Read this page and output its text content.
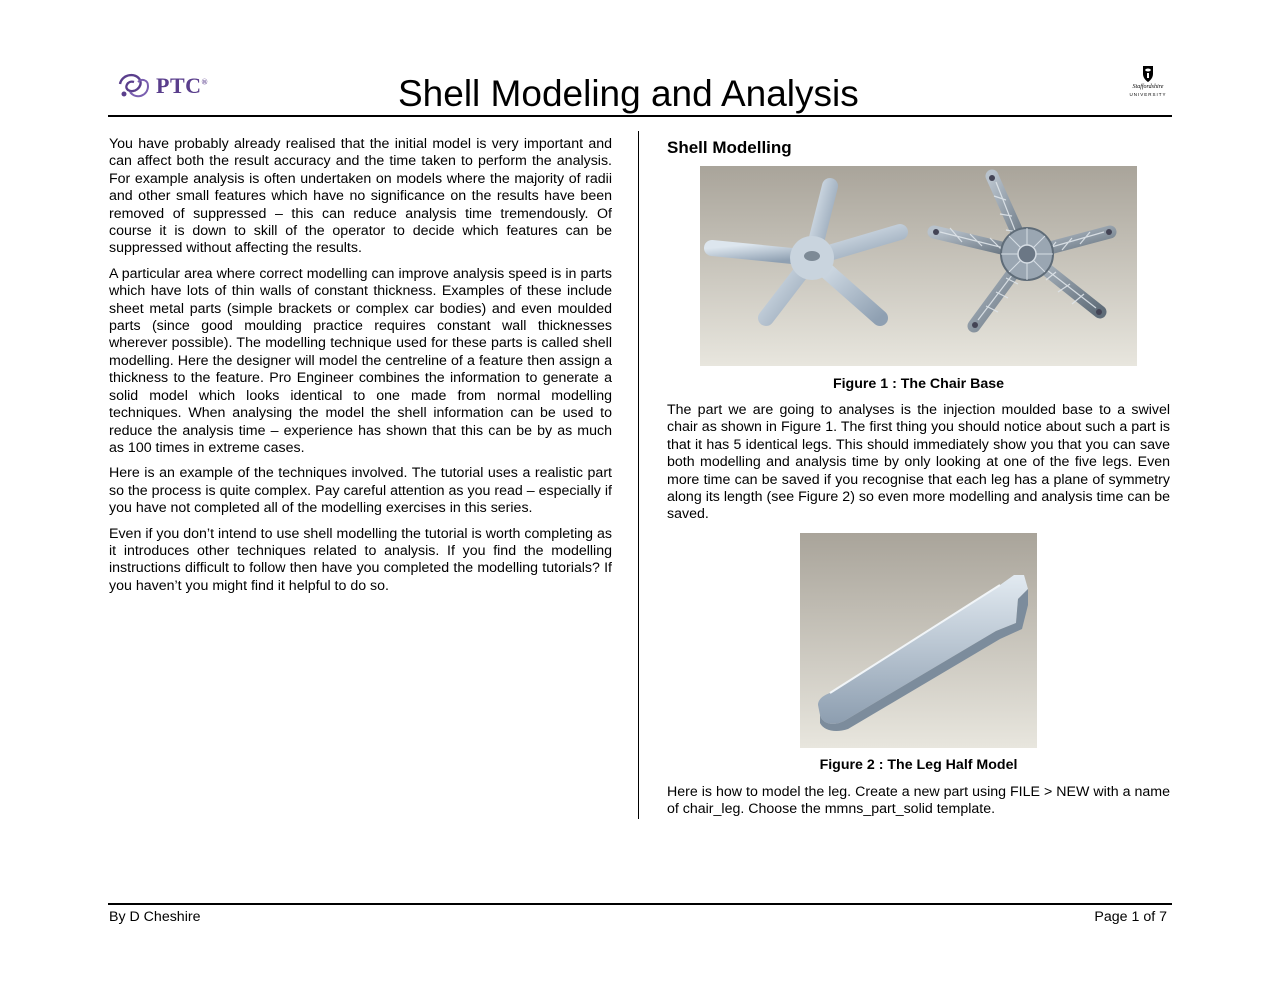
PTC®	Shell Modeling and Analysis	Staffordshire
UNIVERSITY

You have probably already realised that the initial model is very important and can affect both the result accuracy and the time taken to perform the analysis. For example analysis is often undertaken on models where the majority of radii and other small features which have no significance on the results have been removed of suppressed – this can reduce analysis time tremendously. Of course it is down to skill of the operator to decide which features can be suppressed without affecting the results.

A particular area where correct modelling can improve analysis speed is in parts which have lots of thin walls of constant thickness. Examples of these include sheet metal parts (simple brackets or complex car bodies) and even moulded parts (since good moulding practice requires constant wall thicknesses wherever possible). The modelling technique used for these parts is called shell modelling. Here the designer will model the centreline of a feature then assign a thickness to the feature. Pro Engineer combines the information to generate a solid model which looks identical to one made from normal modelling techniques. When analysing the model the shell information can be used to reduce the analysis time – experience has shown that this can be by as much as 100 times in extreme cases.

Here is an example of the techniques involved. The tutorial uses a realistic part so the process is quite complex. Pay careful attention as you read – especially if you have not completed all of the modelling exercises in this series.

Even if you don’t intend to use shell modelling the tutorial is worth completing as it introduces other techniques related to analysis. If you find the modelling instructions difficult to follow then have you completed the modelling tutorials? If you haven’t you might find it helpful to do so.

Shell Modelling
Figure 1 : The Chair Base

The part we are going to analyses is the injection moulded base to a swivel chair as shown in Figure 1. The first thing you should notice about such a part is that it has 5 identical legs. This should immediately show you that you can save both modelling and analysis time by only looking at one of the five legs. Even more time can be saved if you recognise that each leg has a plane of symmetry along its length (see Figure 2) so even more modelling and analysis time can be saved.

Figure 2 : The Leg Half Model

Here is how to model the leg. Create a new part using FILE > NEW with a name of chair_leg. Choose the mmns_part_solid template.

By D Cheshire	Page 1 of 7
